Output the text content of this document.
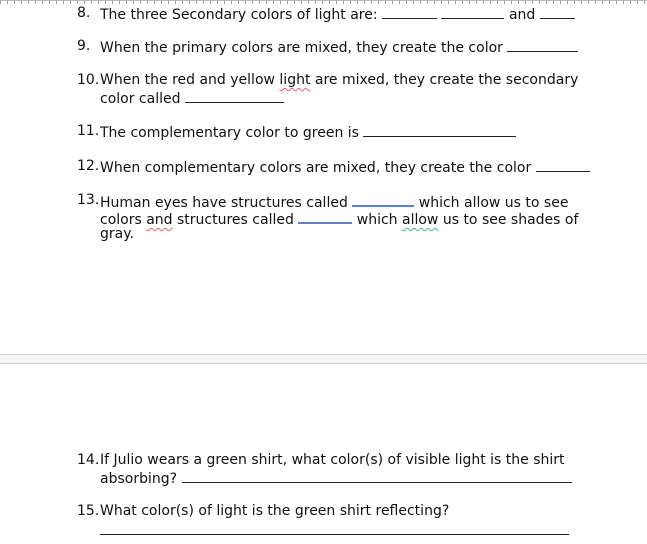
8. The three Secondary colors of light are:	and
9. When the primary colors are mixed, they create the color
10. When the red and yellow light are mixed, they create the secondary
color called
11. The complementary color to green is
12. When complementary colors are mixed, they create the color
13. Human eyes have structures called	which allow us to see
colors and structures called	which allow us to see shades of
gray.
14. If Julio wears a green shirt, what color(s) of visible light is the shirt
absorbing?
15. What color(s) of light is the green shirt reflecting?
